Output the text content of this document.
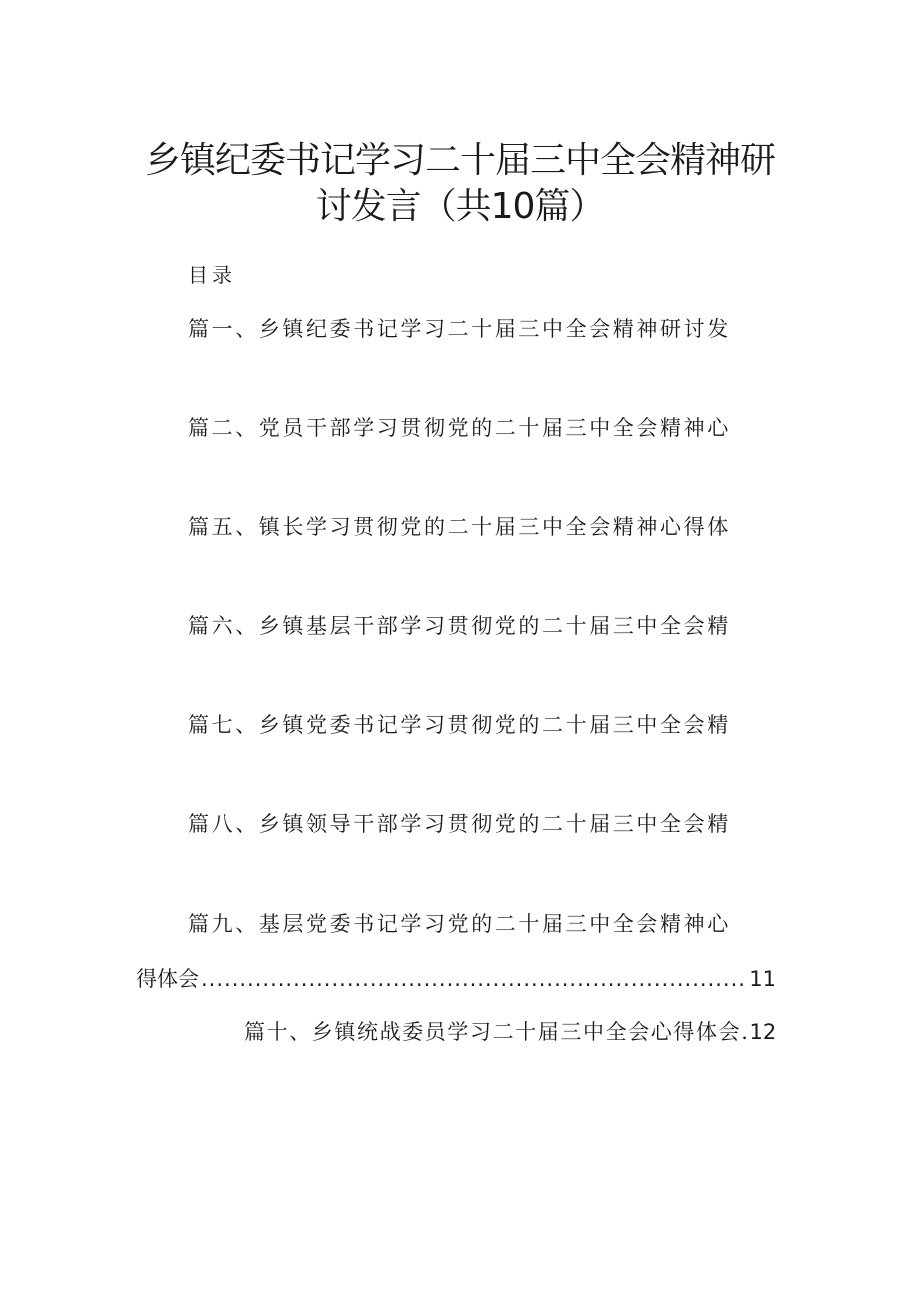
乡镇纪委书记学习二十届三中全会精神研
讨发言（共10篇）
目录
篇一、乡镇纪委书记学习二十届三中全会精神研讨发
篇二、党员干部学习贯彻党的二十届三中全会精神心
篇五、镇长学习贯彻党的二十届三中全会精神心得体
篇六、乡镇基层干部学习贯彻党的二十届三中全会精
篇七、乡镇党委书记学习贯彻党的二十届三中全会精
篇八、乡镇领导干部学习贯彻党的二十届三中全会精
篇九、基层党委书记学习党的二十届三中全会精神心
得体会
.....	11
篇十、乡镇统战委员学习二十届三中全会心得体会.12
